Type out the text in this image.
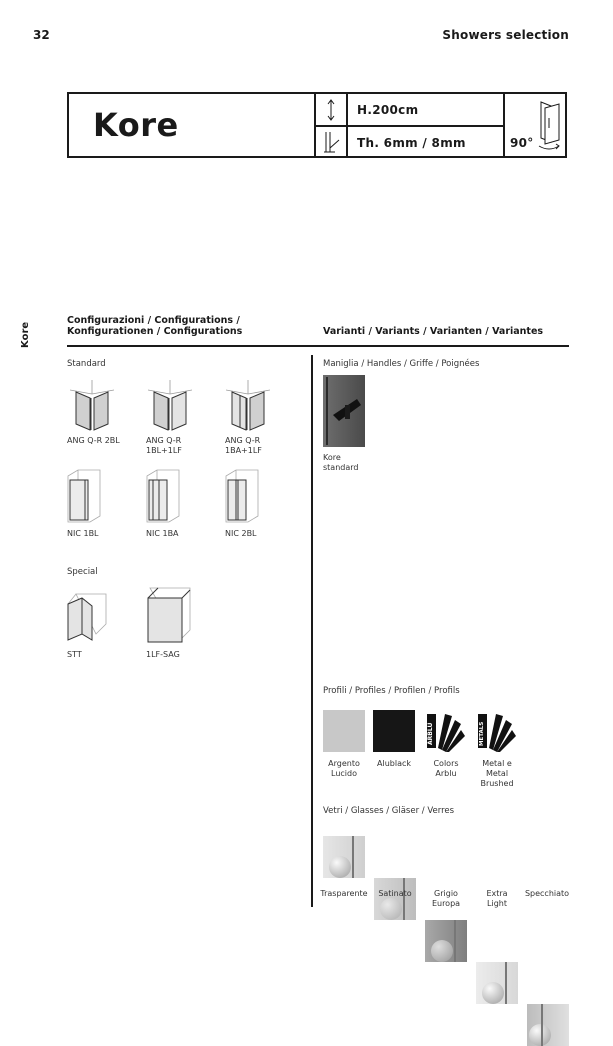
32	Showers selection
Kore	H.200cm
Th. 6mm / 8mm	90°
Kore
Configurazioni / Configurations /
Konfigurationen / Configurations	Varianti / Variants / Varianten / Variantes
Standard
ANG Q-R 2BL	ANG Q-R
1BL+1LF
ANG Q-R
1BA+1LF
NIC 1BL	NIC 1BA	NIC 2BL
Special
STT	1LF-SAG
Maniglia / Handles / Griffe / Poignées
Kore
standard
Profili / Profiles / Profilen / Profils
ARBLU	METALS
Argento
Lucido
Alublack	Colors
Arblu
Metal e
Metal
Brushed
Vetri / Glasses / Gläser / Verres
Trasparente	Satinato	Grigio
Europa
Extra
Light
Specchiato
